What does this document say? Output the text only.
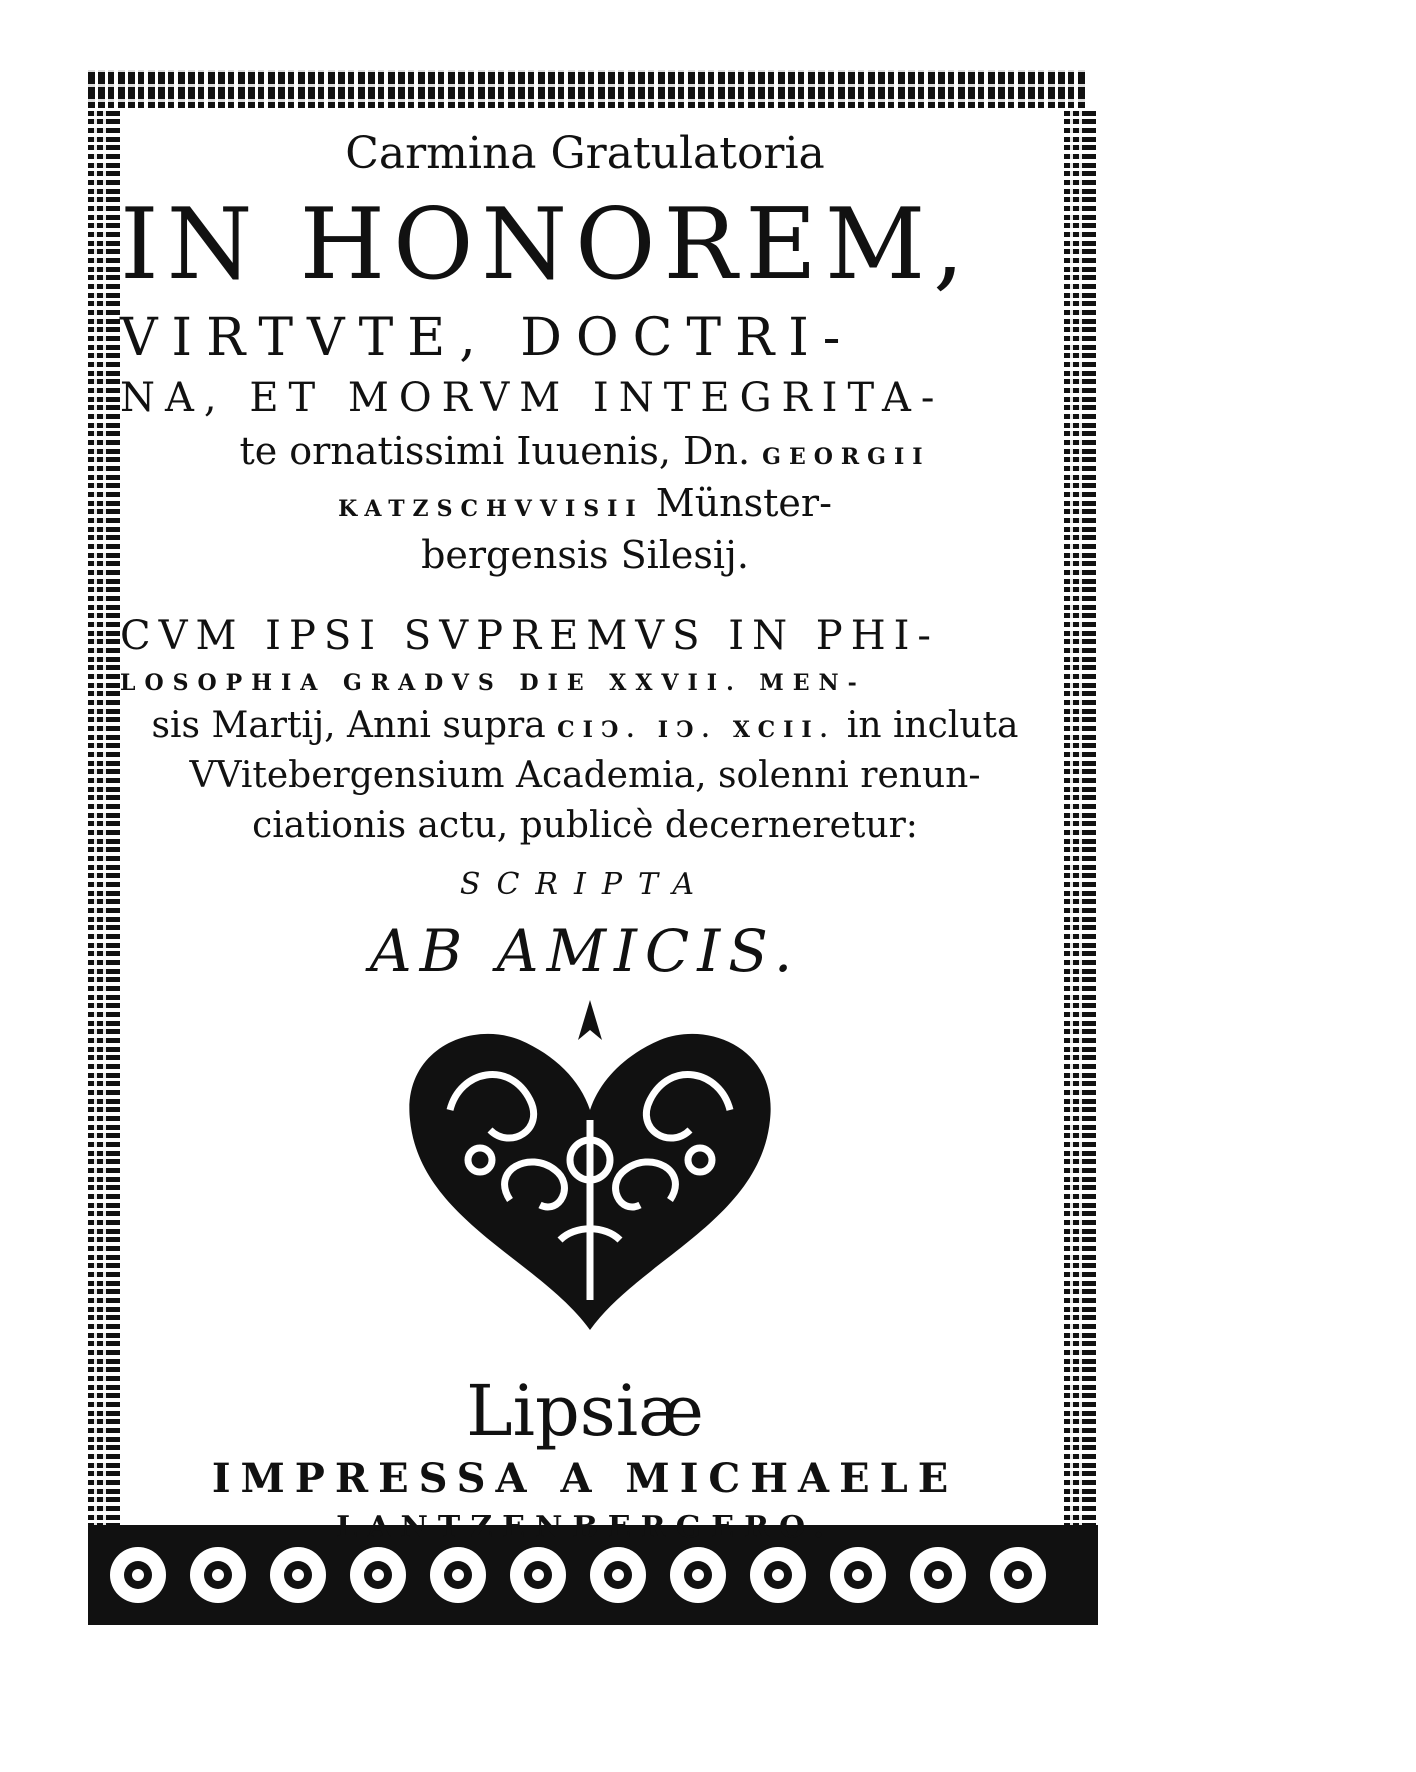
Carmina Gratulatoria
IN HONOREM,
VIRTVTE, DOCTRI-
NA, ET MORVM INTEGRITA-
te ornatissimi Iuuenis, Dn. GEORGII
KATZSCHVVISII Münster-
bergensis Silesij.
CVM IPSI SVPREMVS IN PHI-
LOSOPHIA GRADVS DIE XXVII. MEN-
sis Martij, Anni supra CIↃ. IↃ. XCII. in incluta
VVitebergensium Academia, solenni renun-
ciationis actu, publicè decerneretur:
SCRIPTA
AB AMICIS.
Lipsiæ
IMPRESSA A MICHAELE
LANTZENBERGERO.
